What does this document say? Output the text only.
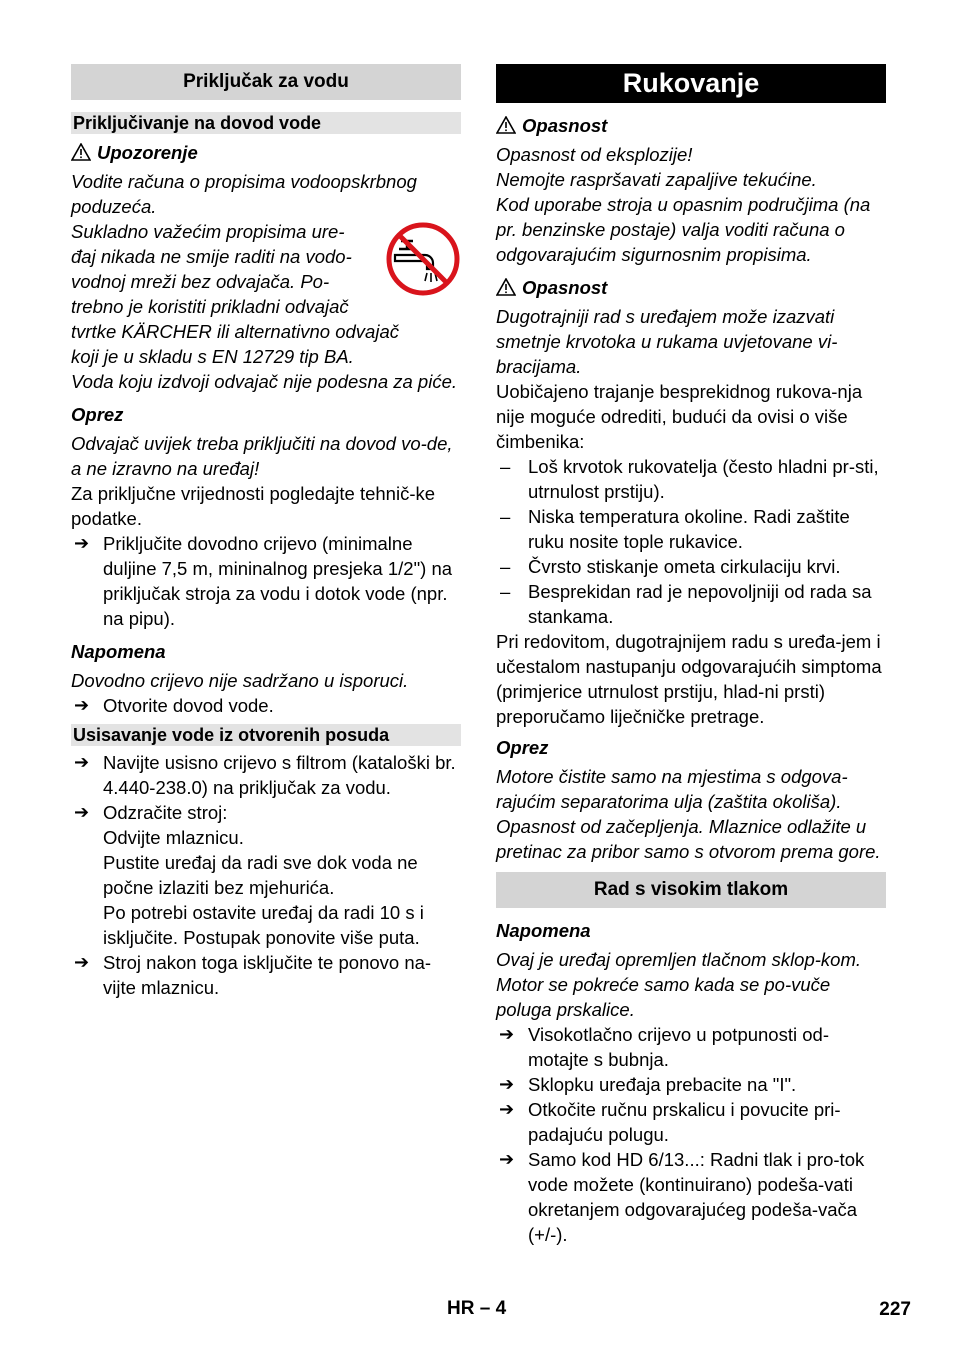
Priključak za vodu
Priključivanje na dovod vode

Upozorenje

Vodite računa o propisima vodoopskrbnog poduzeća.

Sukladno važećim propisima ure-
đaj nikada ne smije raditi na vodo-
vodnoj mreži bez odvajača. Po-
trebno je koristiti prikladni odvajač
tvrtke KÄRCHER ili alternativno odvajač
koji je u skladu s EN 12729 tip BA.

Voda koju izdvoji odvajač nije podesna za piće.

Oprez

Odvajač uvijek treba priključiti na dovod vo-de, a ne izravno na uređaj!

Za priključne vrijednosti pogledajte tehnič-ke podatke.

➔ Priključite dovodno crijevo (minimalne duljine 7,5 m, mininalnog presjeka 1/2") na priključak stroja za vodu i dotok vode (npr. na pipu).

Napomena

Dovodno crijevo nije sadržano u isporuci.

➔ Otvorite dovod vode.
Usisavanje vode iz otvorenih posuda
➔ Navijte usisno crijevo s filtrom (kataloški br. 4.440-238.0) na priključak za vodu.
➔ Odzračite stroj:
Odvijte mlaznicu.
Pustite uređaj da radi sve dok voda ne počne izlaziti bez mjehurića.
Po potrebi ostavite uređaj da radi 10 s i isključite. Postupak ponovite više puta.
➔ Stroj nakon toga isključite te ponovo na-vijte mlaznicu.
Rukovanje

Opasnost

Opasnost od eksplozije!

Nemojte raspršavati zapaljive tekućine.

Kod uporabe stroja u opasnim područjima (na pr. benzinske postaje) valja voditi računa o odgovarajućim sigurnosnim propisima.

Opasnost

Dugotrajniji rad s uređajem može izazvati smetnje krvotoka u rukama uvjetovane vi-bracijama.

Uobičajeno trajanje besprekidnog rukova-nja nije moguće odrediti, budući da ovisi o više čimbenika:

– Loš krvotok rukovatelja (često hladni pr-sti, utrnulost prstiju).
– Niska temperatura okoline. Radi zaštite ruku nosite tople rukavice.
– Čvrsto stiskanje ometa cirkulaciju krvi.
– Besprekidan rad je nepovoljniji od rada sa stankama.

Pri redovitom, dugotrajnijem radu s uređa-jem i učestalom nastupanju odgovarajućih simptoma (primjerice utrnulost prstiju, hlad-ni prsti) preporučamo liječničke pretrage.

Oprez

Motore čistite samo na mjestima s odgova-rajućim separatorima ulja (zaštita okoliša). Opasnost od začepljenja. Mlaznice odlažite u pretinac za pribor samo s otvorom prema gore.

Rad s visokim tlakom

Napomena

Ovaj je uređaj opremljen tlačnom sklop-kom. Motor se pokreće samo kada se po-vuče poluga prskalice.

➔ Visokotlačno crijevo u potpunosti od-motajte s bubnja.
➔ Sklopku uređaja prebacite na "I".
➔ Otkočite ručnu prskalicu i povucite pri-padajuću polugu.
➔ Samo kod HD 6/13...: Radni tlak i pro-tok vode možete (kontinuirano) podeša-vati okretanjem odgovarajućeg podeša-vača (+/-).
HR – 4	227
